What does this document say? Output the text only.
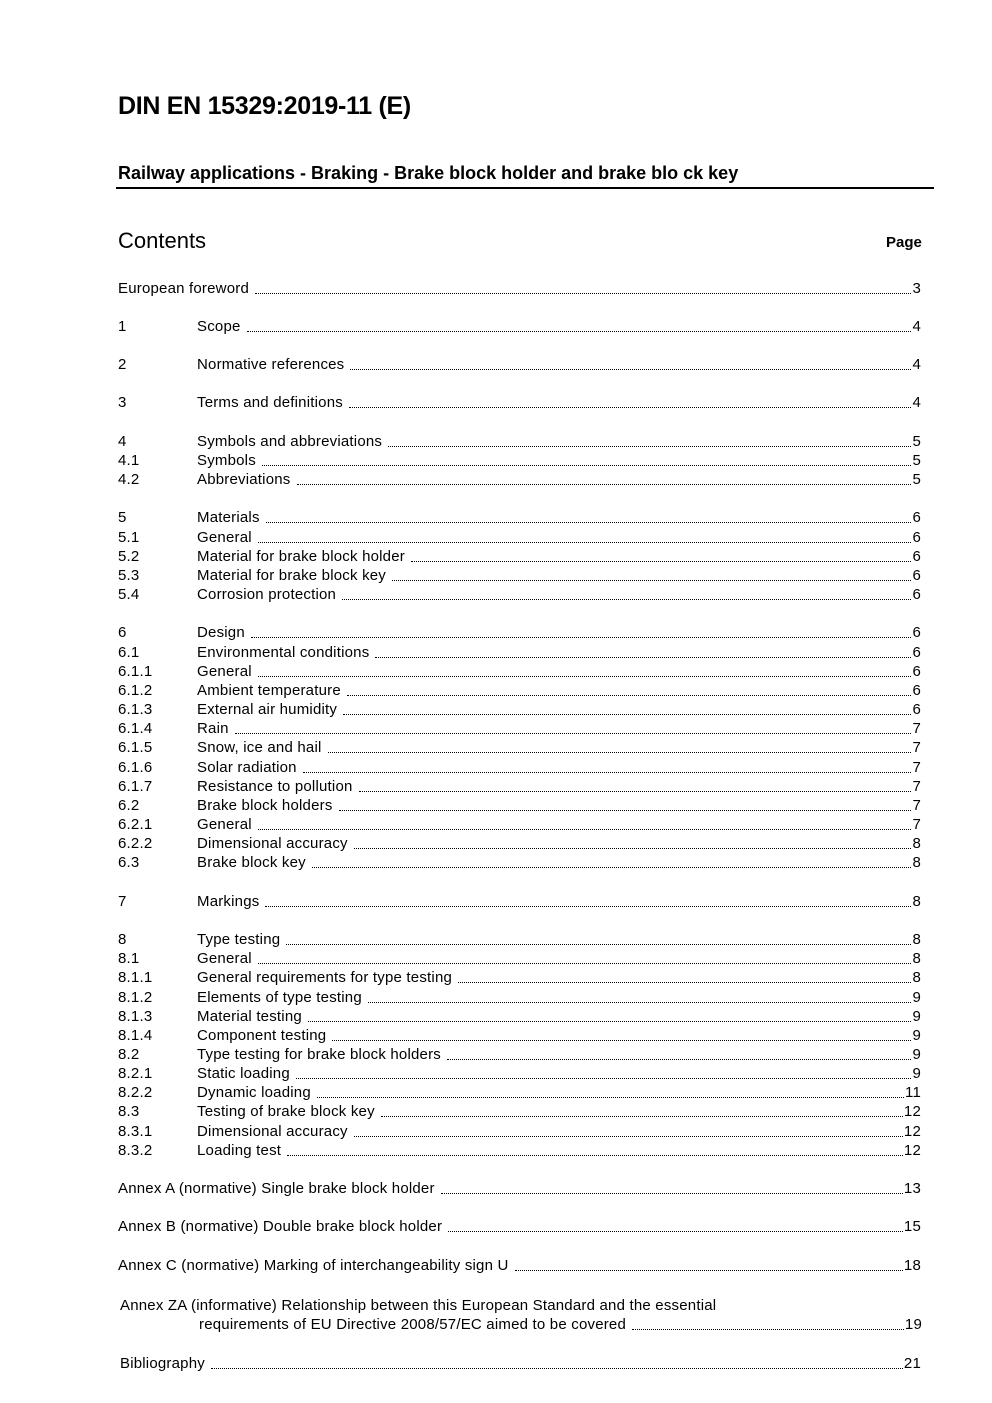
DIN EN 15329:2019-11 (E)
Railway applications - Braking - Brake block holder and brake blo ck key
Contents	Page
European foreword	3
1	Scope	4
2	Normative references	4
3	Terms and definitions	4
4	Symbols and abbreviations	5
4.1	Symbols	5
4.2	Abbreviations	5
5	Materials	6
5.1	General	6
5.2	Material for brake block holder	6
5.3	Material for brake block key	6
5.4	Corrosion protection	6
6	Design	6
6.1	Environmental conditions	6
6.1.1	General	6
6.1.2	Ambient temperature	6
6.1.3	External air humidity	6
6.1.4	Rain	7
6.1.5	Snow, ice and hail	7
6.1.6	Solar radiation	7
6.1.7	Resistance to pollution	7
6.2	Brake block holders	7
6.2.1	General	7
6.2.2	Dimensional accuracy	8
6.3	Brake block key	8
7	Markings	8
8	Type testing	8
8.1	General	8
8.1.1	General requirements for type testing	8
8.1.2	Elements of type testing	9
8.1.3	Material testing	9
8.1.4	Component testing	9
8.2	Type testing for brake block holders	9
8.2.1	Static loading	9
8.2.2	Dynamic loading	11
8.3	Testing of brake block key	12
8.3.1	Dimensional accuracy	12
8.3.2	Loading test	12
Annex A (normative) Single brake block holder	13
Annex B (normative) Double brake block holder	15
Annex C (normative) Marking of interchangeability sign U	18
Annex ZA (informative) Relationship between this European Standard and the essential
requirements of EU Directive 2008/57/EC aimed to be covered	19
Bibliography	21
